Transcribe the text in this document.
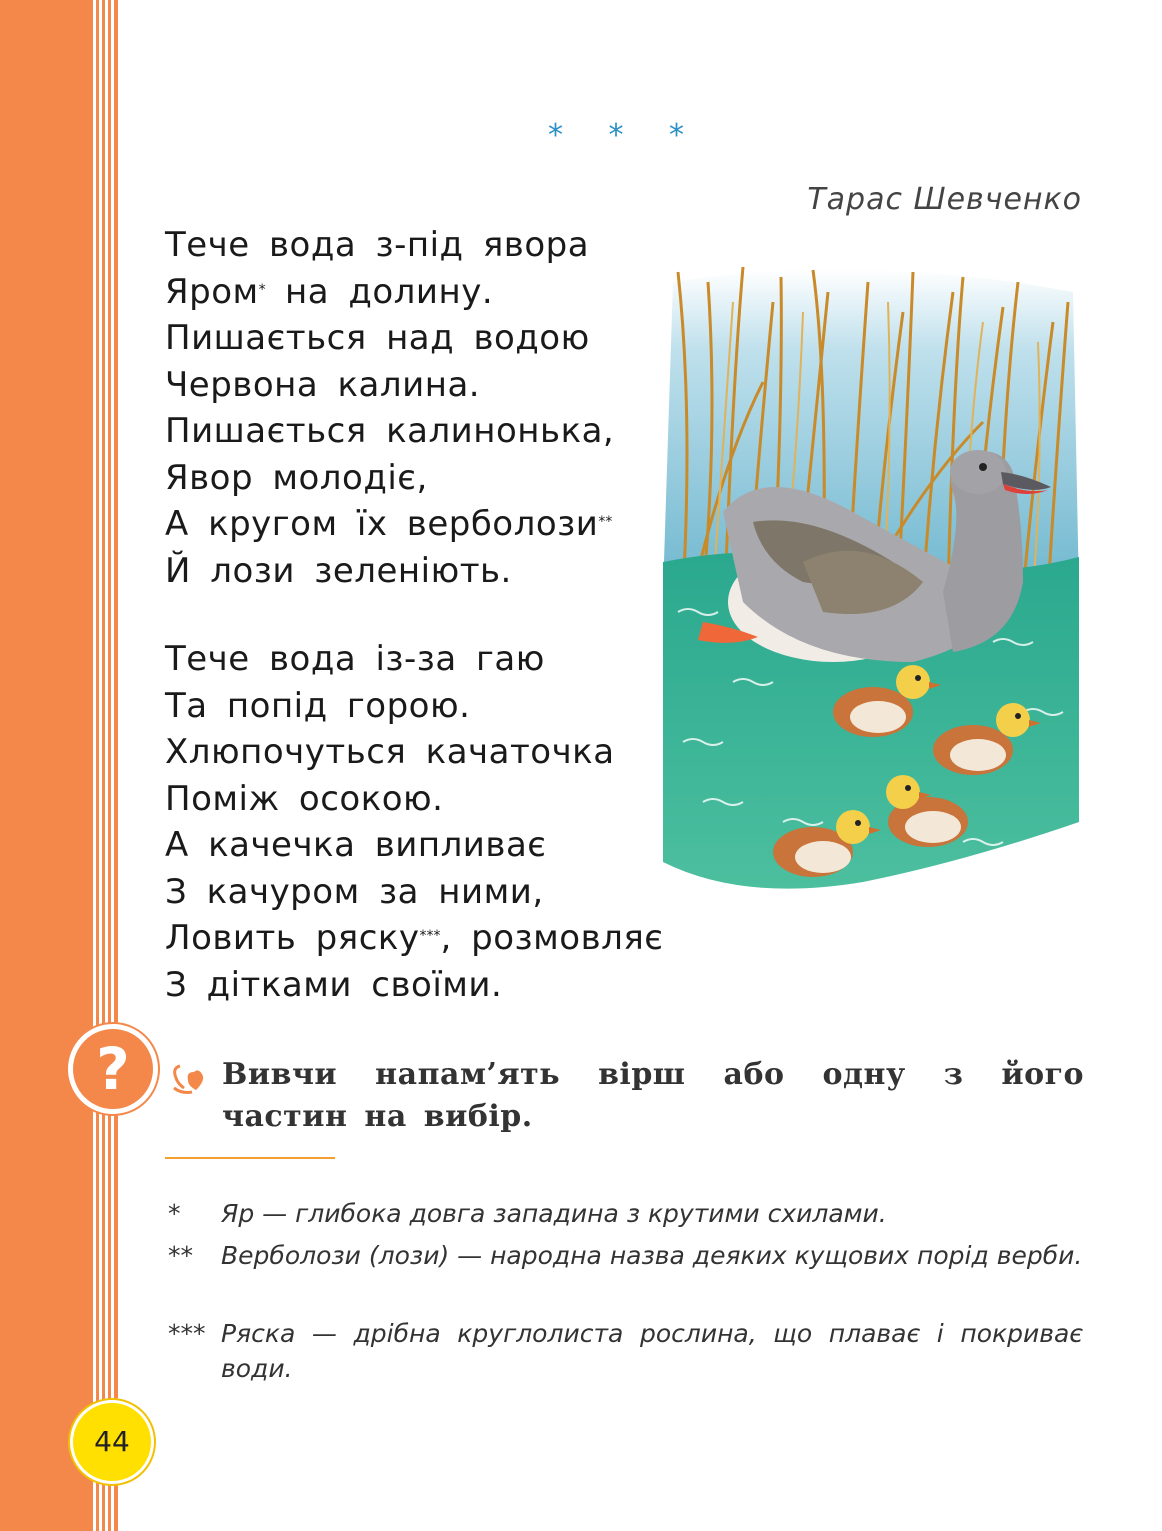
* * *
Тарас Шевченко
Тече вода з-під явора
Яром* на долину.
Пишається над водою
Червона калина.
Пишається калинонька,
Явор молодіє,
А кругом їх верболози**
Й лози зеленіють.
Тече вода із-за гаю
Та попід горою.
Хлюпочуться качаточка
Поміж осокою.
А качечка випливає
З качуром за ними,
Ловить ряску***, розмовляє
З дітками своїми.
?	Вивчи напам’ять вірш або одну з його частин на вибір.
*	Яр — глибока довга западина з крутими схилами.
**	Верболози (лози) — народна назва деяких кущових порід верби.
*** Ряска — дрібна круглолиста рослина, що плаває і покриває води.
44
